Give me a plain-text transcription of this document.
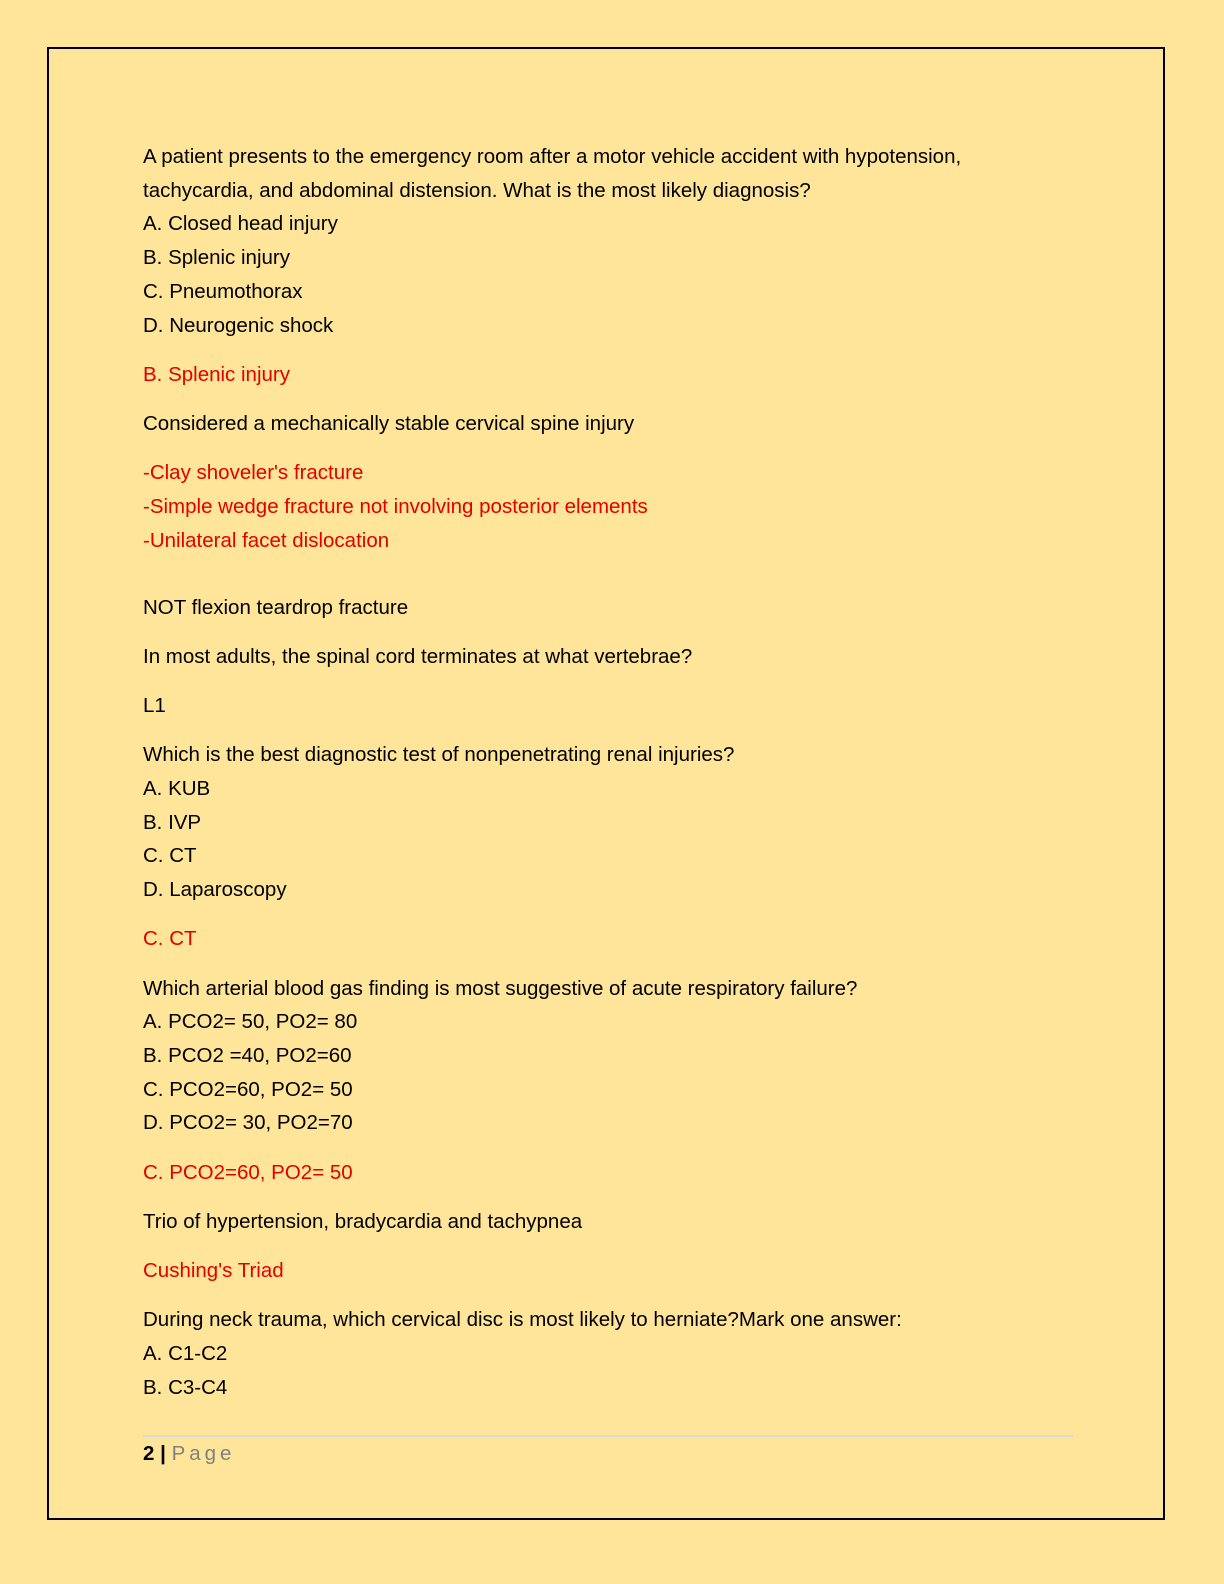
A patient presents to the emergency room after a motor vehicle accident with hypotension,

tachycardia, and abdominal distension. What is the most likely diagnosis?

A. Closed head injury

B. Splenic injury

C. Pneumothorax

D. Neurogenic shock

B. Splenic injury

Considered a mechanically stable cervical spine injury

-Clay shoveler's fracture

-Simple wedge fracture not involving posterior elements

-Unilateral facet dislocation

NOT flexion teardrop fracture

In most adults, the spinal cord terminates at what vertebrae?

L1

Which is the best diagnostic test of nonpenetrating renal injuries?

A. KUB

B. IVP

C. CT

D. Laparoscopy

C. CT

Which arterial blood gas finding is most suggestive of acute respiratory failure?

A. PCO2= 50, PO2= 80

B. PCO2 =40, PO2=60

C. PCO2=60, PO2= 50

D. PCO2= 30, PO2=70

C. PCO2=60, PO2= 50

Trio of hypertension, bradycardia and tachypnea

Cushing's Triad

During neck trauma, which cervical disc is most likely to herniate?Mark one answer:

A. C1-C2

B. C3-C4

2 | Page
